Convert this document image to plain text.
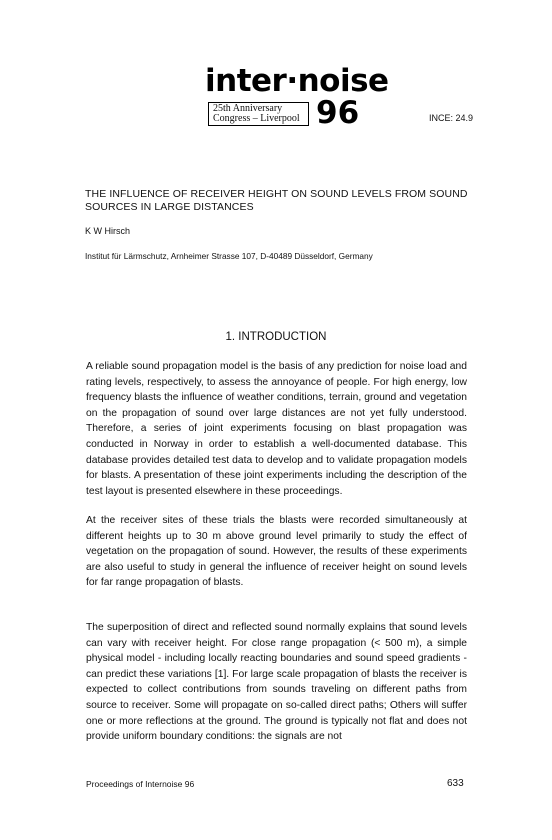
inter·noise
25th Anniversary
Congress – Liverpool 96	INCE: 24.9
THE INFLUENCE OF RECEIVER HEIGHT ON SOUND LEVELS FROM SOUND SOURCES IN LARGE DISTANCES
K W Hirsch
Institut für Lärmschutz, Arnheimer Strasse 107, D-40489 Düsseldorf, Germany
1. INTRODUCTION

A reliable sound propagation model is the basis of any prediction for noise load and rating levels, respectively, to assess the annoyance of people. For high energy, low frequency blasts the influence of weather conditions, terrain, ground and vegetation on the propagation of sound over large distances are not yet fully understood. Therefore, a series of joint experiments focusing on blast propagation was conducted in Norway in order to establish a well-documented database. This database provides detailed test data to develop and to validate propagation models for blasts. A presentation of these joint experiments including the description of the test layout is presented elsewhere in these proceedings.

At the receiver sites of these trials the blasts were recorded simultaneously at different heights up to 30 m above ground level primarily to study the effect of vegetation on the propagation of sound. However, the results of these experiments are also useful to study in general the influence of receiver height on sound levels for far range propagation of blasts.

The superposition of direct and reflected sound normally explains that sound levels can vary with receiver height. For close range propagation (< 500 m), a simple physical model - including locally reacting boundaries and sound speed gradients - can predict these variations [1]. For large scale propagation of blasts the receiver is expected to collect contributions from sounds traveling on different paths from source to receiver. Some will propagate on so-called direct paths; Others will suffer one or more reflections at the ground. The ground is typically not flat and does not provide uniform boundary conditions: the signals are not

Proceedings of Internoise 96	633
